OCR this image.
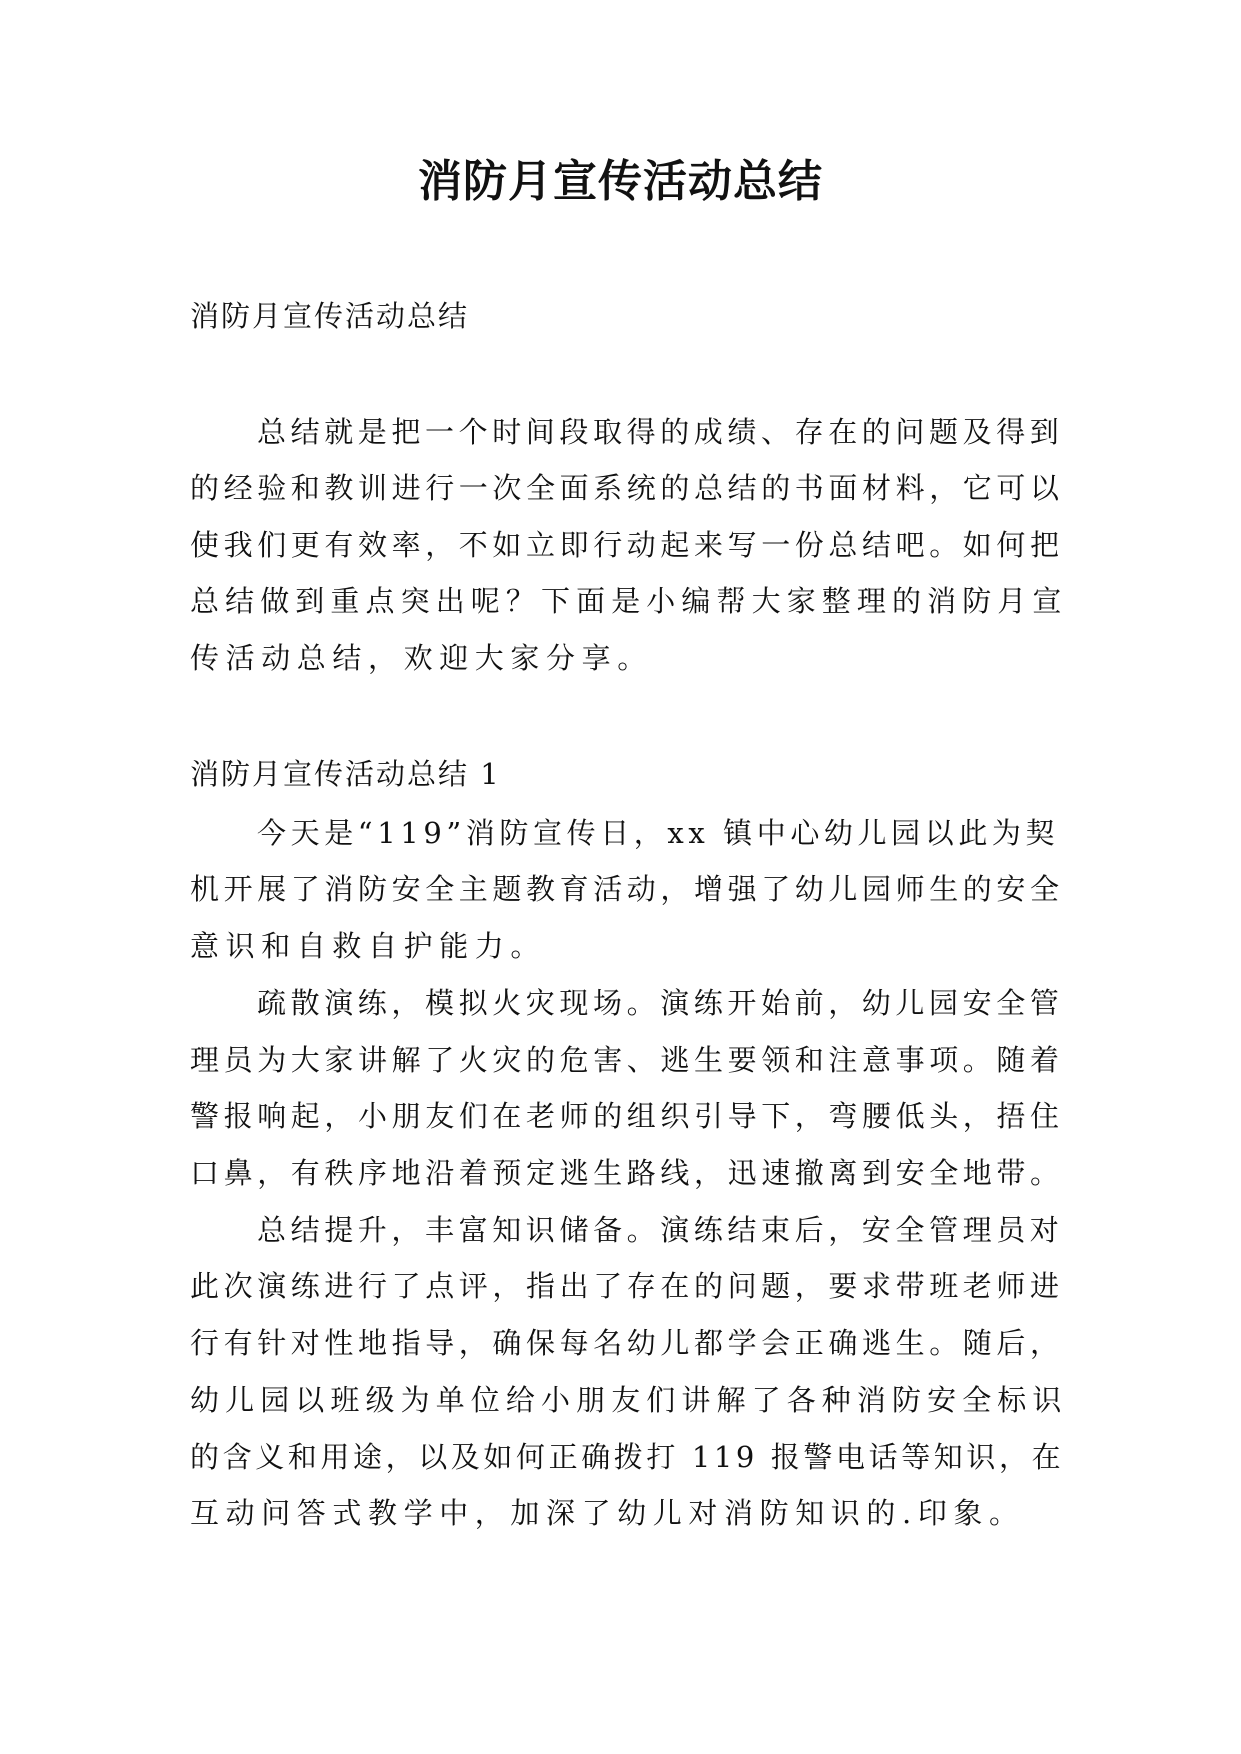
消防月宣传活动总结
消防月宣传活动总结

总结就是把一个时间段取得的成绩、存在的问题及得到

的经验和教训进行一次全面系统的总结的书面材料，它可以

使我们更有效率，不如立即行动起来写一份总结吧。如何把

总结做到重点突出呢？下面是小编帮大家整理的消防月宣

传活动总结，欢迎大家分享。

消防月宣传活动总结 1

今天是“119”消防宣传日，xx 镇中心幼儿园以此为契

机开展了消防安全主题教育活动，增强了幼儿园师生的安全

意识和自救自护能力。

疏散演练，模拟火灾现场。演练开始前，幼儿园安全管

理员为大家讲解了火灾的危害、逃生要领和注意事项。随着

警报响起，小朋友们在老师的组织引导下，弯腰低头，捂住

口鼻，有秩序地沿着预定逃生路线，迅速撤离到安全地带。

总结提升，丰富知识储备。演练结束后，安全管理员对

此次演练进行了点评，指出了存在的问题，要求带班老师进

行有针对性地指导，确保每名幼儿都学会正确逃生。随后，

幼儿园以班级为单位给小朋友们讲解了各种消防安全标识

的含义和用途，以及如何正确拨打 119 报警电话等知识，在

互动问答式教学中，加深了幼儿对消防知识的.印象。
